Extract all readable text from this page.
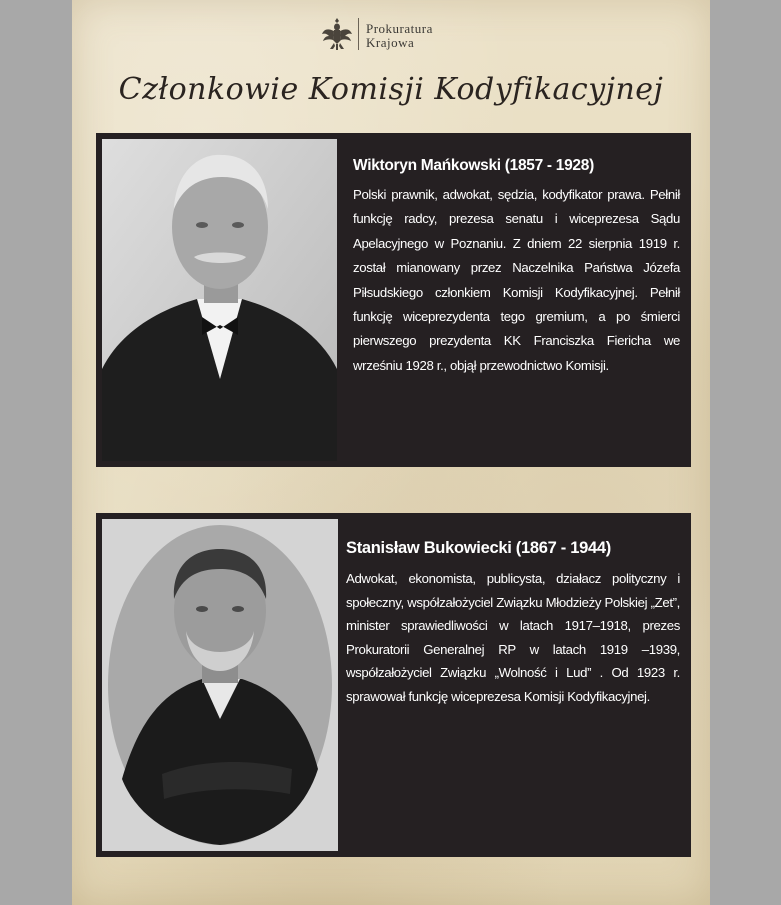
Prokuratura
Krajowa
Członkowie Komisji Kodyfikacyjnej
Wiktoryn Mańkowski (1857 - 1928)

Polski prawnik, adwokat, sędzia, kodyfikator prawa. Pełnił funkcję radcy, prezesa senatu i wiceprezesa Sądu Apelacyjnego w Poznaniu. Z dniem 22 sierpnia 1919 r. został mianowany przez Naczelnika Państwa Józefa Piłsudskiego członkiem Komisji Kodyfikacyjnej. Pełnił funkcję wiceprezydenta tego gremium, a po śmierci pierwszego prezydenta KK Franciszka Fiericha we wrześniu 1928 r., objął przewodnictwo Komisji.

Stanisław Bukowiecki (1867 - 1944)

Adwokat, ekonomista, publicysta, działacz polityczny i społeczny, współzałożyciel Związku Młodzieży Polskiej „Zet”, minister sprawiedliwości w latach 1917–1918, prezes Prokuratorii Generalnej RP w latach 1919 –1939, współzałożyciel Związku „Wolność i Lud” . Od 1923 r. sprawował funkcję wiceprezesa Komisji Kodyfikacyjnej.
